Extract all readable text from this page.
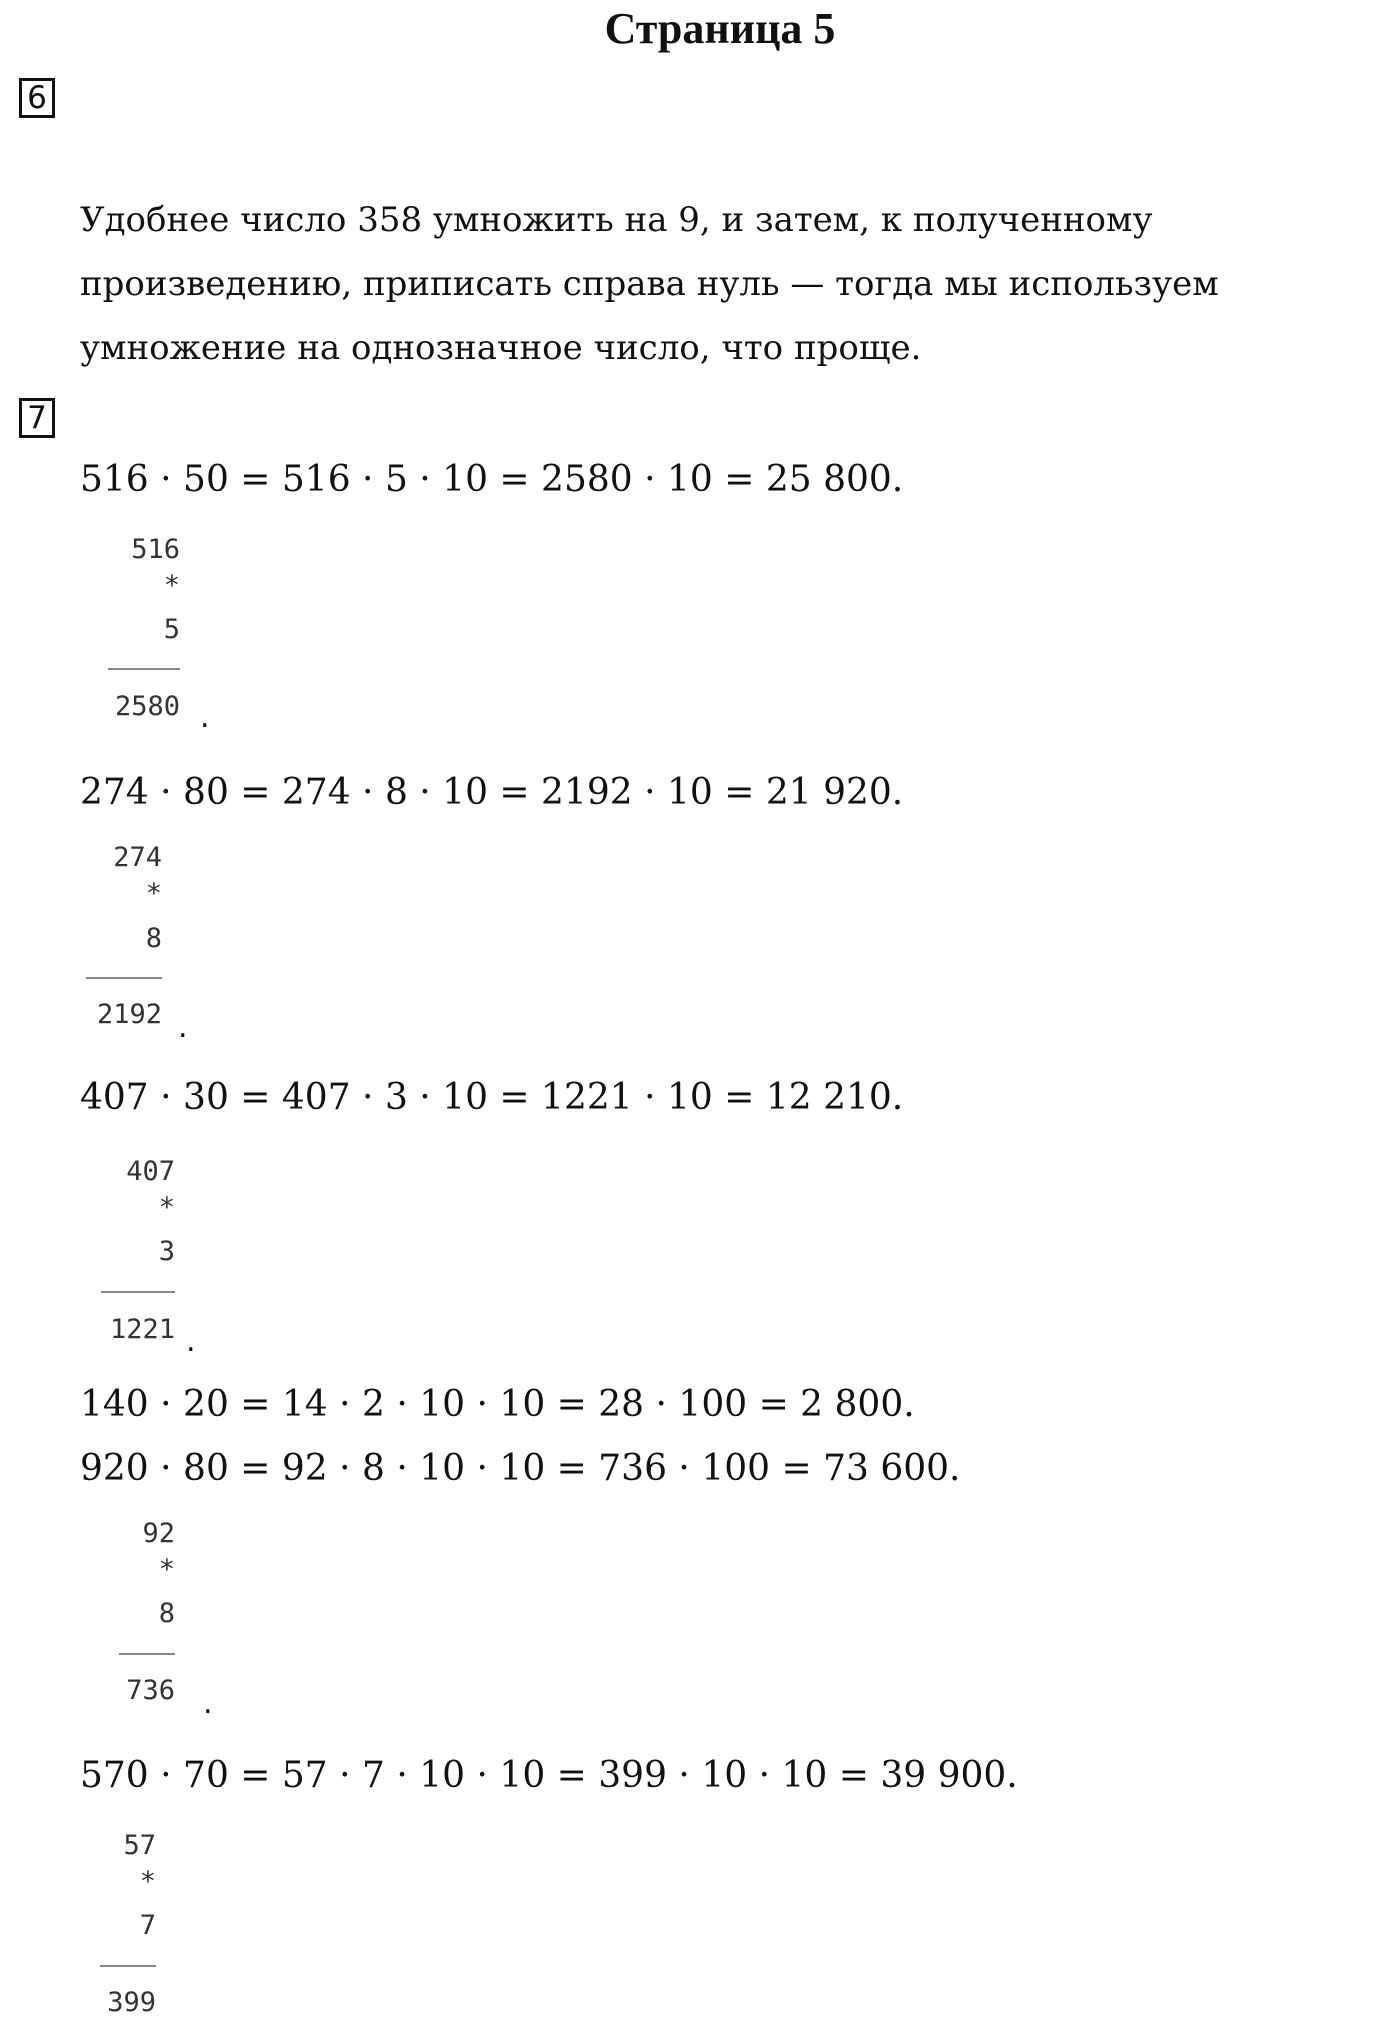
Страница 5
6
Удобнее число 358 умножить на 9, и затем, к полученному
произведению, приписать справа нуль — тогда мы используем
умножение на однозначное число, что проще.
7
516 · 50 = 516 · 5 · 10 = 2580 · 10 = 25 800.
516
*
5
2580 .
274 · 80 = 274 · 8 · 10 = 2192 · 10 = 21 920.
274
*
8
2192 .
407 · 30 = 407 · 3 · 10 = 1221 · 10 = 12 210.
407
*
3
1221 .
140 · 20 = 14 · 2 · 10 · 10 = 28 · 100 = 2 800.
920 · 80 = 92 · 8 · 10 · 10 = 736 · 100 = 73 600.
92
*
8
736 .
570 · 70 = 57 · 7 · 10 · 10 = 399 · 10 · 10 = 39 900.
57
*
7
399
